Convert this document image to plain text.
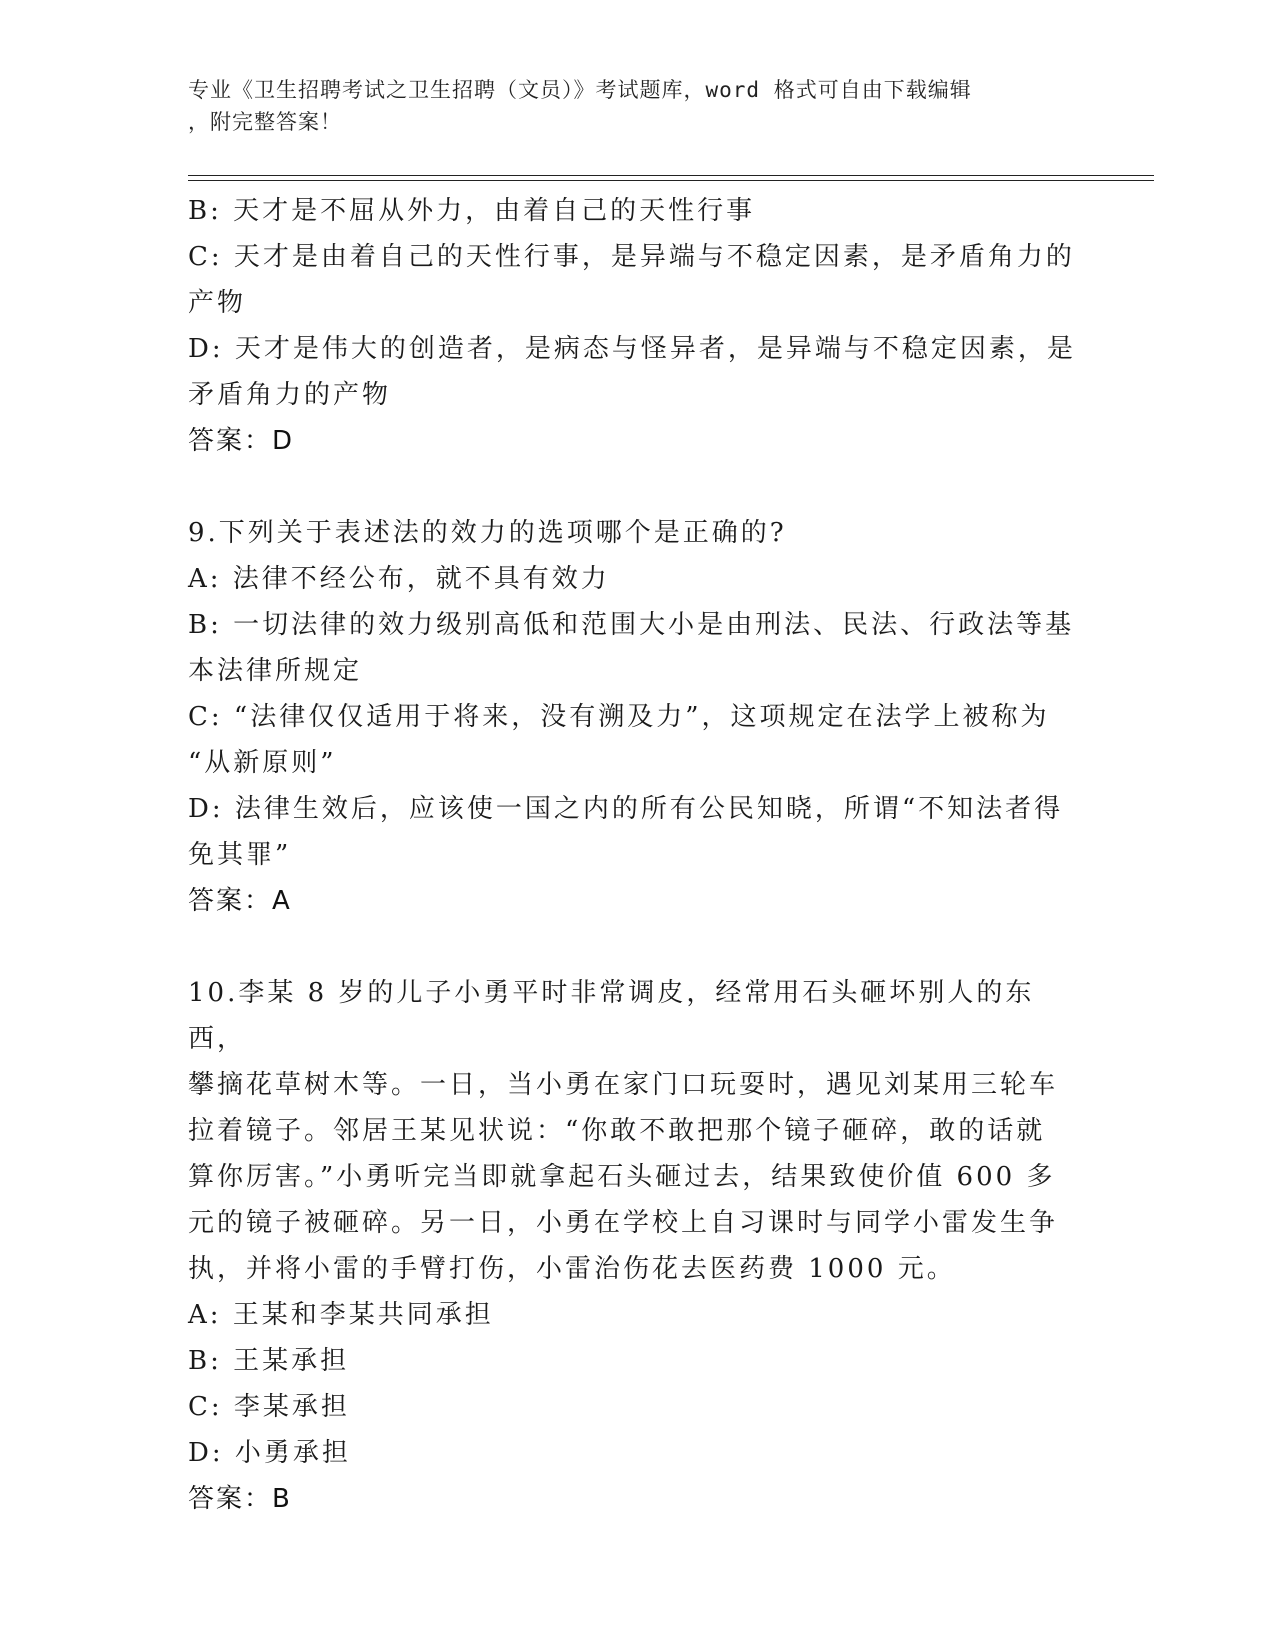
专业《卫生招聘考试之卫生招聘（文员）》考试题库，word 格式可自由下载编辑
，附完整答案！
B: 天才是不屈从外力，由着自己的天性行事
C: 天才是由着自己的天性行事，是异端与不稳定因素，是矛盾角力的
产物
D: 天才是伟大的创造者，是病态与怪异者，是异端与不稳定因素，是
矛盾角力的产物
答案：D
9.下列关于表述法的效力的选项哪个是正确的?
A: 法律不经公布，就不具有效力
B: 一切法律的效力级别高低和范围大小是由刑法、民法、行政法等基
本法律所规定
C: “法律仅仅适用于将来，没有溯及力”，这项规定在法学上被称为
“从新原则”
D: 法律生效后，应该使一国之内的所有公民知晓，所谓“不知法者得
免其罪”
答案：A
10.李某 8 岁的儿子小勇平时非常调皮，经常用石头砸坏别人的东西，
攀摘花草树木等。一日，当小勇在家门口玩耍时，遇见刘某用三轮车
拉着镜子。邻居王某见状说：“你敢不敢把那个镜子砸碎，敢的话就
算你厉害。”小勇听完当即就拿起石头砸过去，结果致使价值 600 多
元的镜子被砸碎。另一日，小勇在学校上自习课时与同学小雷发生争
执，并将小雷的手臂打伤，小雷治伤花去医药费 1000 元。
A: 王某和李某共同承担
B: 王某承担
C: 李某承担
D: 小勇承担
答案：B
